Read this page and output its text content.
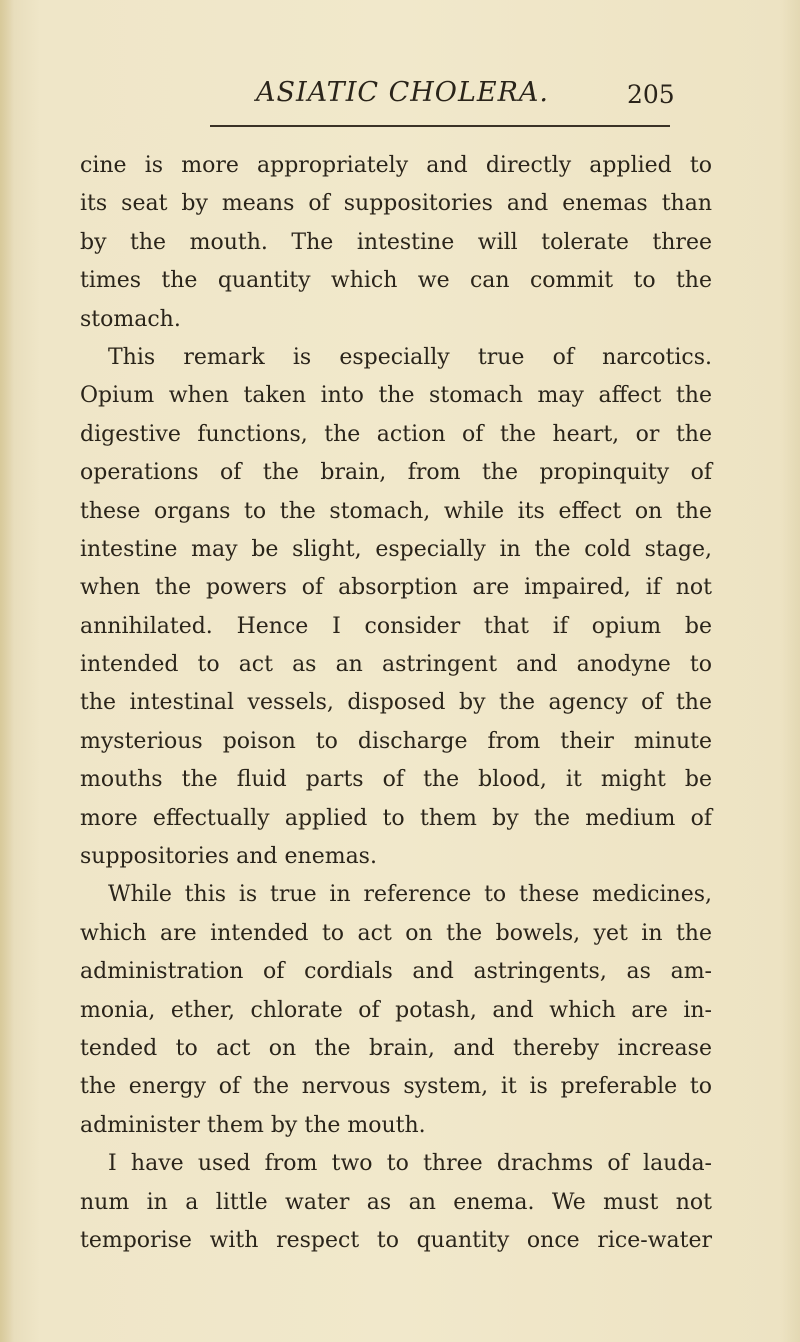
ASIATIC CHOLERA.	205
cine is more appropriately and directly applied to
its seat by means of suppositories and enemas than
by the mouth. The intestine will tolerate three
times the quantity which we can commit to the
stomach.
This remark is especially true of narcotics.
Opium when taken into the stomach may affect the
digestive functions, the action of the heart, or the
operations of the brain, from the propinquity of
these organs to the stomach, while its effect on the
intestine may be slight, especially in the cold stage,
when the powers of absorption are impaired, if not
annihilated. Hence I consider that if opium be
intended to act as an astringent and anodyne to
the intestinal vessels, disposed by the agency of the
mysterious poison to discharge from their minute
mouths the fluid parts of the blood, it might be
more effectually applied to them by the medium of
suppositories and enemas.
While this is true in reference to these medicines,
which are intended to act on the bowels, yet in the
administration of cordials and astringents, as am-
monia, ether, chlorate of potash, and which are in-
tended to act on the brain, and thereby increase
the energy of the nervous system, it is preferable to
administer them by the mouth.
I have used from two to three drachms of lauda-
num in a little water as an enema. We must not
temporise with respect to quantity once rice-water
